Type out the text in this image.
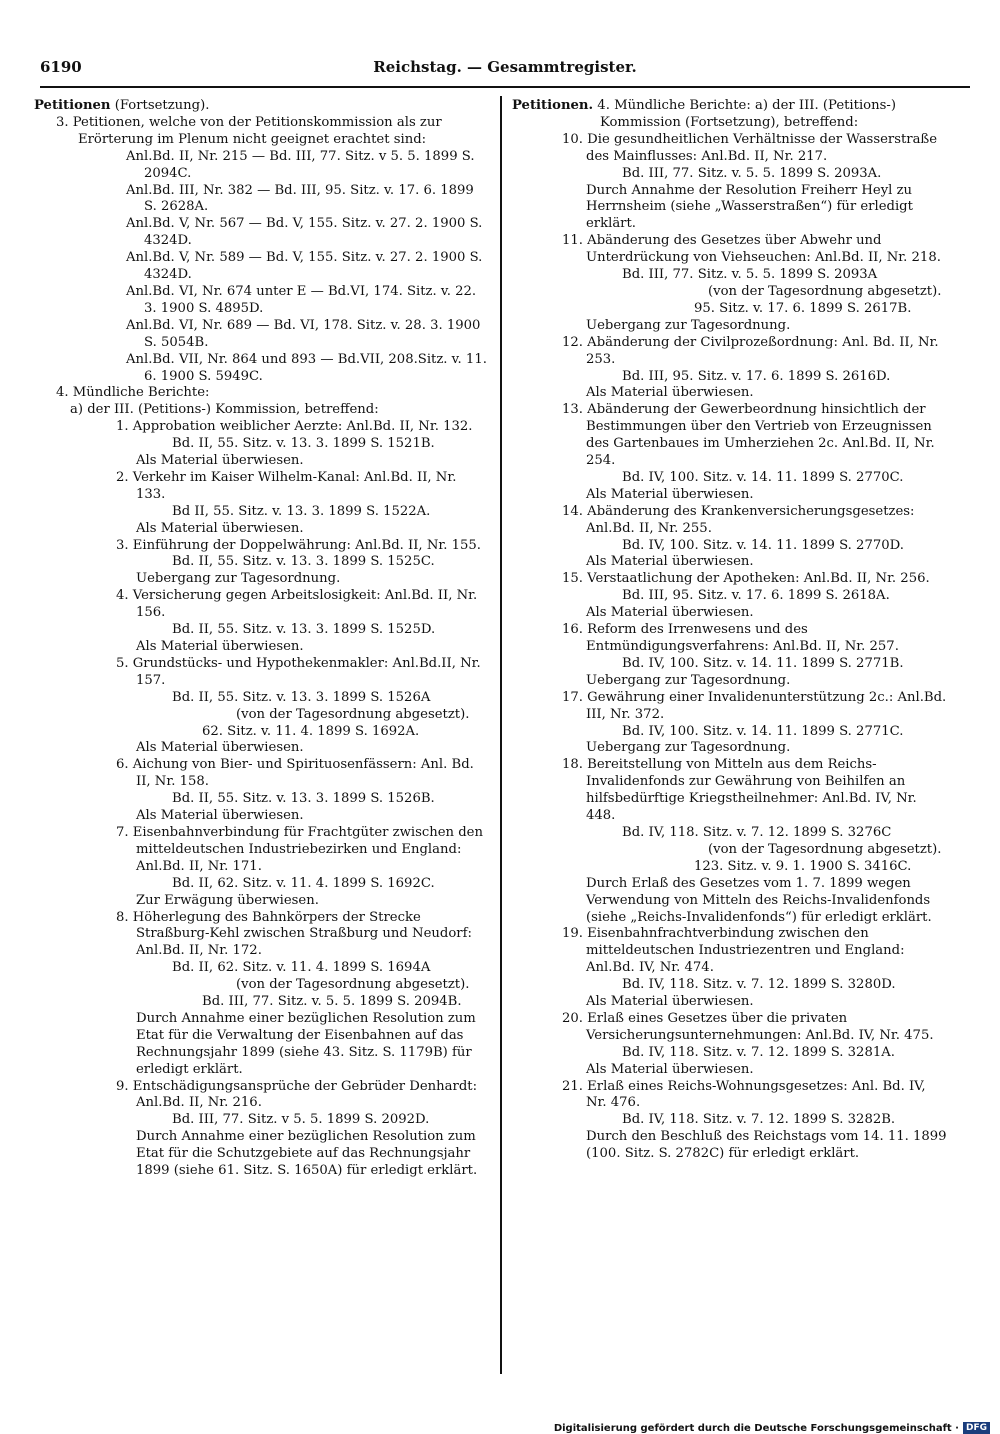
6190	Reichstag. — Gesammtregister.

Petitionen (Fortsetzung).

3. Petitionen, welche von der Petitionskommission als zur Erörterung im Plenum nicht geeignet erachtet sind:

Anl.Bd. II, Nr. 215 — Bd. III, 77. Sitz. v 5. 5. 1899 S. 2094C.

Anl.Bd. III, Nr. 382 — Bd. III, 95. Sitz. v. 17. 6. 1899 S. 2628A.

Anl.Bd. V, Nr. 567 — Bd. V, 155. Sitz. v. 27. 2. 1900 S. 4324D.

Anl.Bd. V, Nr. 589 — Bd. V, 155. Sitz. v. 27. 2. 1900 S. 4324D.

Anl.Bd. VI, Nr. 674 unter E — Bd.VI, 174. Sitz. v. 22. 3. 1900 S. 4895D.

Anl.Bd. VI, Nr. 689 — Bd. VI, 178. Sitz. v. 28. 3. 1900 S. 5054B.

Anl.Bd. VII, Nr. 864 und 893 — Bd.VII, 208.Sitz. v. 11. 6. 1900 S. 5949C.

4. Mündliche Berichte:

a) der III. (Petitions-) Kommission, betreffend:

1. Approbation weiblicher Aerzte: Anl.Bd. II, Nr. 132.

Bd. II, 55. Sitz. v. 13. 3. 1899 S. 1521B.

Als Material überwiesen.

2. Verkehr im Kaiser Wilhelm-Kanal: Anl.Bd. II, Nr. 133.

Bd II, 55. Sitz. v. 13. 3. 1899 S. 1522A.

Als Material überwiesen.

3. Einführung der Doppelwährung: Anl.Bd. II, Nr. 155.

Bd. II, 55. Sitz. v. 13. 3. 1899 S. 1525C.

Uebergang zur Tagesordnung.

4. Versicherung gegen Arbeitslosigkeit: Anl.Bd. II, Nr. 156.

Bd. II, 55. Sitz. v. 13. 3. 1899 S. 1525D.

Als Material überwiesen.

5. Grundstücks- und Hypothekenmakler: Anl.Bd.II, Nr. 157.

Bd. II, 55. Sitz. v. 13. 3. 1899 S. 1526A

(von der Tagesordnung abgesetzt).

62. Sitz. v. 11. 4. 1899 S. 1692A.

Als Material überwiesen.

6. Aichung von Bier- und Spirituosenfässern: Anl. Bd. II, Nr. 158.

Bd. II, 55. Sitz. v. 13. 3. 1899 S. 1526B.

Als Material überwiesen.

7. Eisenbahnverbindung für Frachtgüter zwischen den mitteldeutschen Industriebezirken und England: Anl.Bd. II, Nr. 171.

Bd. II, 62. Sitz. v. 11. 4. 1899 S. 1692C.

Zur Erwägung überwiesen.

8. Höherlegung des Bahnkörpers der Strecke Straßburg-Kehl zwischen Straßburg und Neudorf: Anl.Bd. II, Nr. 172.

Bd. II, 62. Sitz. v. 11. 4. 1899 S. 1694A

(von der Tagesordnung abgesetzt).

Bd. III, 77. Sitz. v. 5. 5. 1899 S. 2094B.

Durch Annahme einer bezüglichen Resolution zum Etat für die Verwaltung der Eisenbahnen auf das Rechnungsjahr 1899 (siehe 43. Sitz. S. 1179B) für erledigt erklärt.

9. Entschädigungsansprüche der Gebrüder Denhardt: Anl.Bd. II, Nr. 216.

Bd. III, 77. Sitz. v 5. 5. 1899 S. 2092D.

Durch Annahme einer bezüglichen Resolution zum Etat für die Schutzgebiete auf das Rechnungsjahr 1899 (siehe 61. Sitz. S. 1650A) für erledigt erklärt.

Petitionen. 4. Mündliche Berichte: a) der III. (Petitions-) Kommission (Fortsetzung), betreffend:

10. Die gesundheitlichen Verhältnisse der Wasserstraße des Mainflusses: Anl.Bd. II, Nr. 217.

Bd. III, 77. Sitz. v. 5. 5. 1899 S. 2093A.

Durch Annahme der Resolution Freiherr Heyl zu Herrnsheim (siehe „Wasserstraßen“) für erledigt erklärt.

11. Abänderung des Gesetzes über Abwehr und Unterdrückung von Viehseuchen: Anl.Bd. II, Nr. 218.

Bd. III, 77. Sitz. v. 5. 5. 1899 S. 2093A

(von der Tagesordnung abgesetzt).

95. Sitz. v. 17. 6. 1899 S. 2617B.

Uebergang zur Tagesordnung.

12. Abänderung der Civilprozeßordnung: Anl. Bd. II, Nr. 253.

Bd. III, 95. Sitz. v. 17. 6. 1899 S. 2616D.

Als Material überwiesen.

13. Abänderung der Gewerbeordnung hinsichtlich der Bestimmungen über den Vertrieb von Erzeugnissen des Gartenbaues im Umherziehen 2c. Anl.Bd. II, Nr. 254.

Bd. IV, 100. Sitz. v. 14. 11. 1899 S. 2770C.

Als Material überwiesen.

14. Abänderung des Krankenversicherungsgesetzes: Anl.Bd. II, Nr. 255.

Bd. IV, 100. Sitz. v. 14. 11. 1899 S. 2770D.

Als Material überwiesen.

15. Verstaatlichung der Apotheken: Anl.Bd. II, Nr. 256.

Bd. III, 95. Sitz. v. 17. 6. 1899 S. 2618A.

Als Material überwiesen.

16. Reform des Irrenwesens und des Entmündigungsverfahrens: Anl.Bd. II, Nr. 257.

Bd. IV, 100. Sitz. v. 14. 11. 1899 S. 2771B.

Uebergang zur Tagesordnung.

17. Gewährung einer Invalidenunterstützung 2c.: Anl.Bd. III, Nr. 372.

Bd. IV, 100. Sitz. v. 14. 11. 1899 S. 2771C.

Uebergang zur Tagesordnung.

18. Bereitstellung von Mitteln aus dem Reichs-Invalidenfonds zur Gewährung von Beihilfen an hilfsbedürftige Kriegstheilnehmer: Anl.Bd. IV, Nr. 448.

Bd. IV, 118. Sitz. v. 7. 12. 1899 S. 3276C

(von der Tagesordnung abgesetzt).

123. Sitz. v. 9. 1. 1900 S. 3416C.

Durch Erlaß des Gesetzes vom 1. 7. 1899 wegen Verwendung von Mitteln des Reichs-Invalidenfonds (siehe „Reichs-Invalidenfonds“) für erledigt erklärt.

19. Eisenbahnfrachtverbindung zwischen den mitteldeutschen Industriezentren und England: Anl.Bd. IV, Nr. 474.

Bd. IV, 118. Sitz. v. 7. 12. 1899 S. 3280D.

Als Material überwiesen.

20. Erlaß eines Gesetzes über die privaten Versicherungsunternehmungen: Anl.Bd. IV, Nr. 475.

Bd. IV, 118. Sitz. v. 7. 12. 1899 S. 3281A.

Als Material überwiesen.

21. Erlaß eines Reichs-Wohnungsgesetzes: Anl. Bd. IV, Nr. 476.

Bd. IV, 118. Sitz. v. 7. 12. 1899 S. 3282B.

Durch den Beschluß des Reichstags vom 14. 11. 1899 (100. Sitz. S. 2782C) für erledigt erklärt.

Digitalisierung gefördert durch die Deutsche Forschungsgemeinschaft · DFG
